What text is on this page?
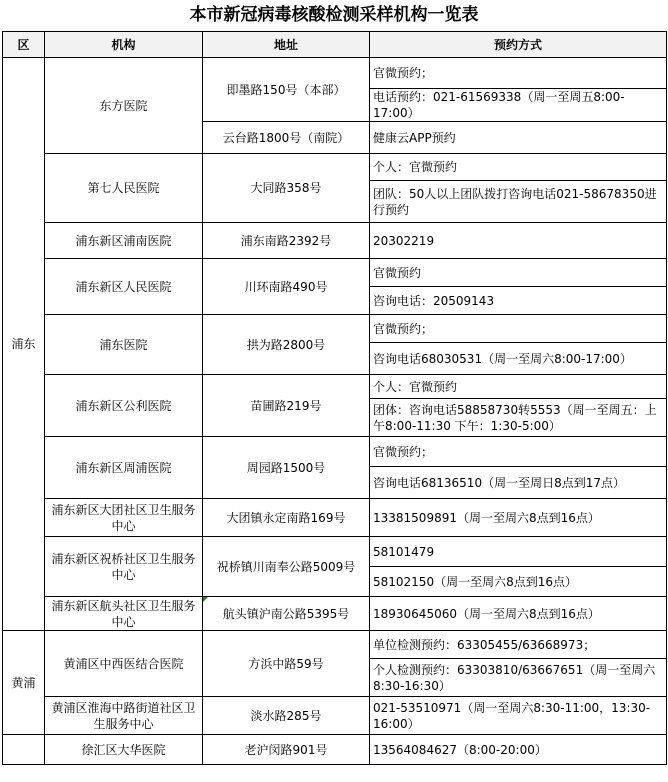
本市新冠病毒核酸检测采样机构一览表
区	机构	地址	预约方式
浦东	东方医院	即墨路150号（本部）	官微预约；
			电话预约：021-61569338（周一至周五8:00-17:00）
		云台路1800号（南院）	健康云APP预约
	第七人民医院	大同路358号	个人：官微预约
			团队：50人以上团队拨打咨询电话021-58678350进行预约
	浦东新区浦南医院	浦东南路2392号	20302219
	浦东新区人民医院	川环南路490号	官微预约
			咨询电话：20509143
	浦东医院	拱为路2800号	官微预约；
			咨询电话68030531（周一至周六8:00-17:00）
	浦东新区公利医院	苗圃路219号	个人：官微预约
			团体：咨询电话58858730转5553（周一至周五：上午8:00-11:30 下午：1:30-5:00）
	浦东新区周浦医院	周园路1500号	官微预约；
			咨询电话68136510（周一至周日8点到17点）
	浦东新区大团社区卫生服务中心	大团镇永定南路169号	13381509891（周一至周六8点到16点）
	浦东新区祝桥社区卫生服务中心	祝桥镇川南奉公路5009号	58101479
			58102150（周一至周六8点到16点）
	浦东新区航头社区卫生服务中心	航头镇沪南公路5395号	18930645060（周一至周六8点到16点）
黄浦	黄浦区中西医结合医院	方浜中路59号	单位检测预约：63305455/63668973；
			个人检测预约：63303810/63667651（周一至周六8:30-16:30）
	黄浦区淮海中路街道社区卫生服务中心	淡水路285号	021-53510971（周一至周六8:30-11:00，13:30-16:00）
	徐汇区大华医院	老沪闵路901号	13564084627（8:00-20:00）
